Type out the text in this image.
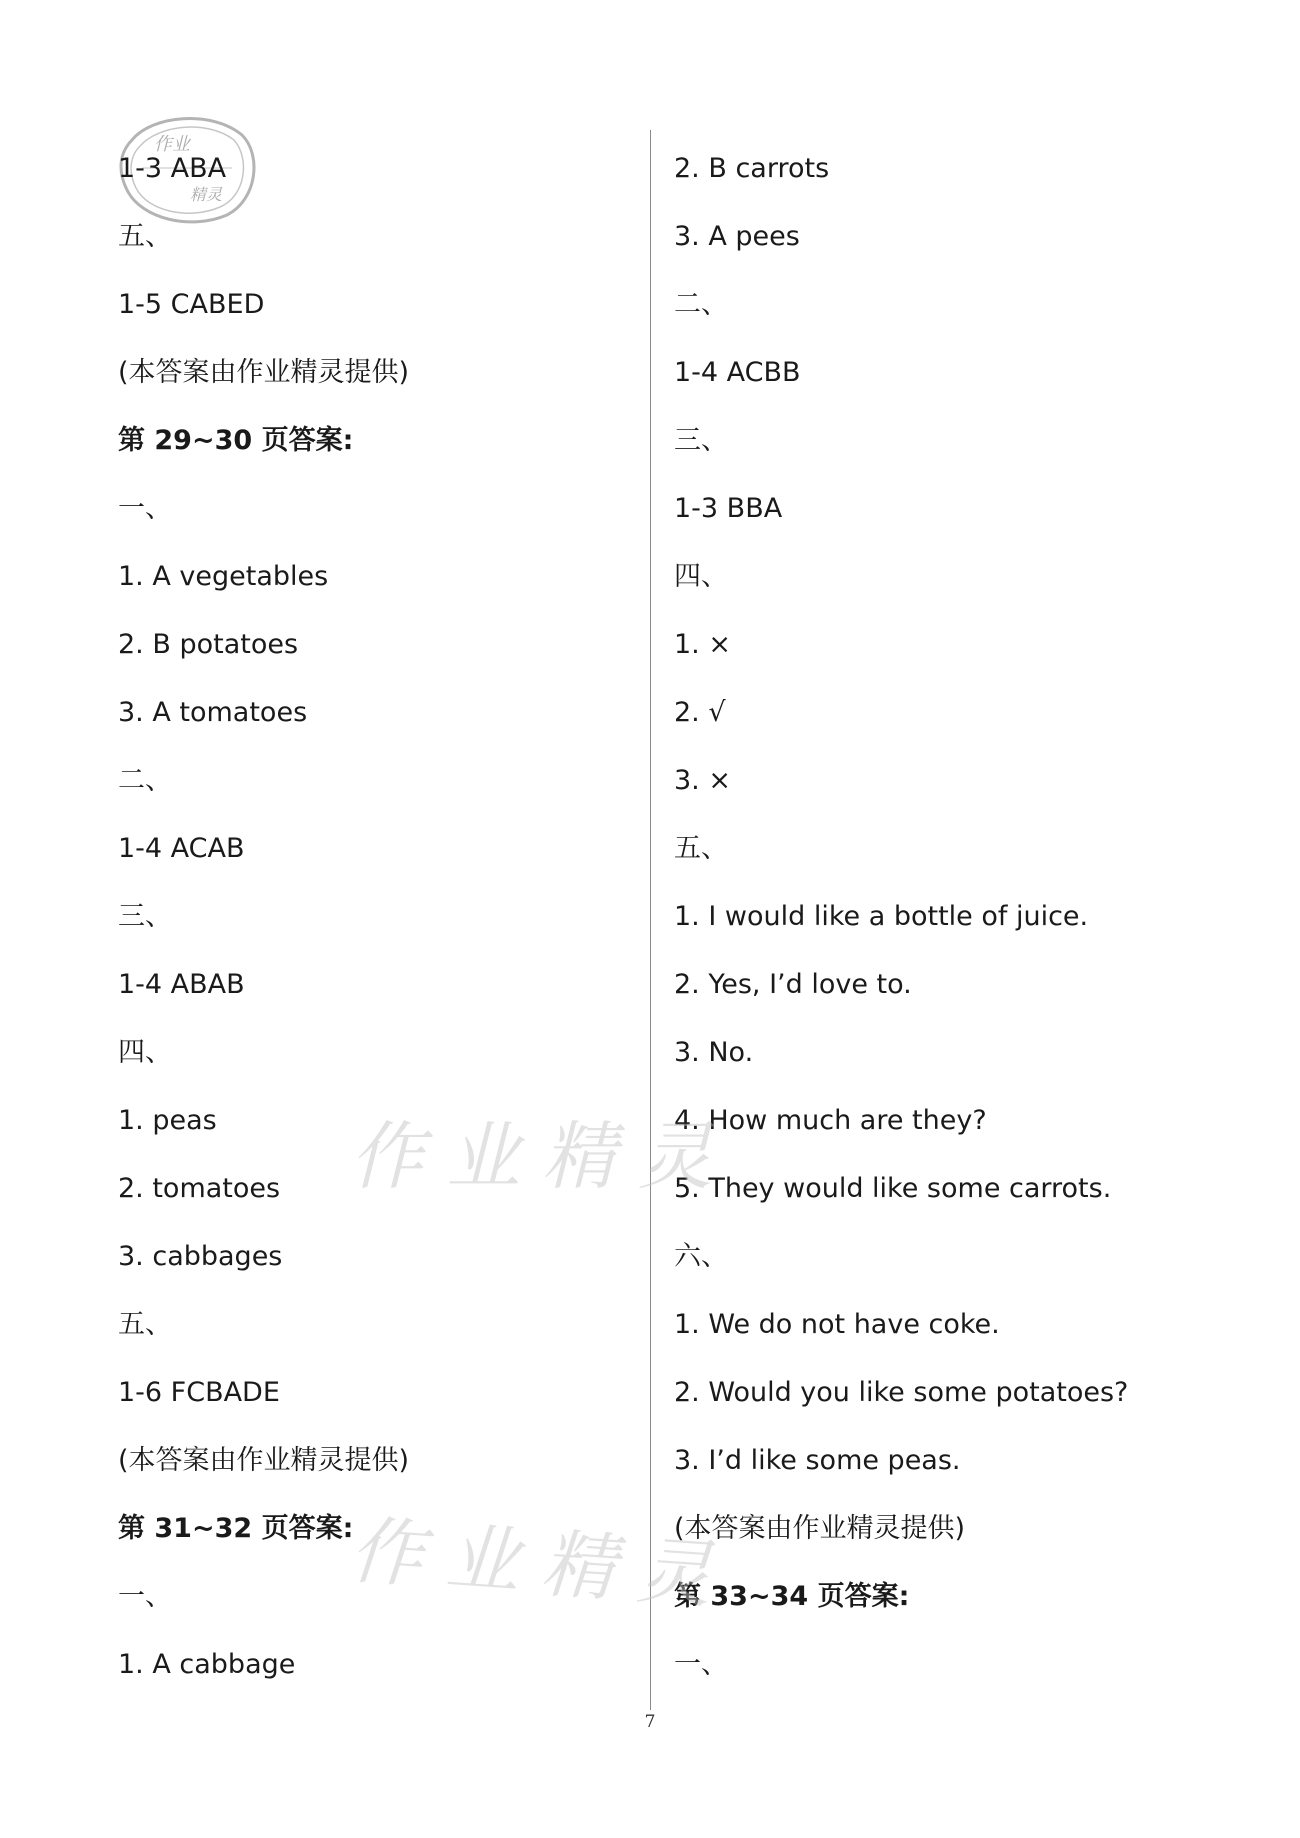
作业
精灵
1-3 ABA
五、
1-5 CABED
(本答案由作业精灵提供)
第 29~30 页答案:
一、
1. A vegetables
2. B potatoes
3. A tomatoes
二、
1-4 ACAB
三、
1-4 ABAB
四、
1. peas
2. tomatoes
3. cabbages
五、
1-6 FCBADE
(本答案由作业精灵提供)
第 31~32 页答案:
一、
1. A cabbage
2. B carrots
3. A pees
二、
1-4 ACBB
三、
1-3 BBA
四、
1. ×
2. √
3. ×
五、
1. I would like a bottle of juice.
2. Yes, I’d love to.
3. No.
4. How much are they?
5. They would like some carrots.
六、
1. We do not have coke.
2. Would you like some potatoes?
3. I’d like some peas.
(本答案由作业精灵提供)
第 33~34 页答案:
一、
作业精灵
作业精灵
7
